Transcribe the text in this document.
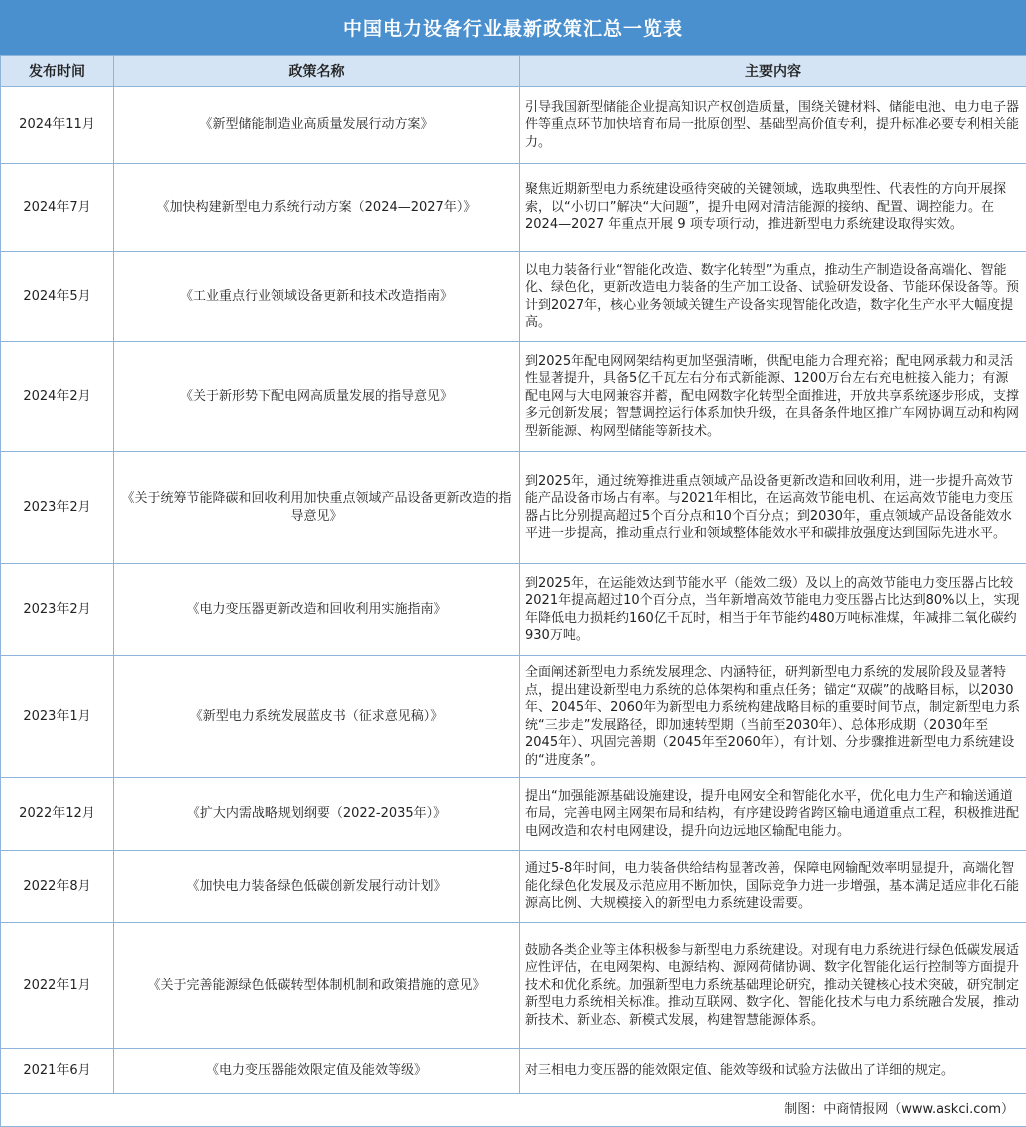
中国电力设备行业最新政策汇总一览表
发布时间	政策名称	主要内容
2024年11月	《新型储能制造业高质量发展行动方案》	引导我国新型储能企业提高知识产权创造质量，围绕关键材料、储能电池、电力电子器件等重点环节加快培育布局一批原创型、基础型高价值专利，提升标准必要专利相关能力。
2024年7月	《加快构建新型电力系统行动方案（2024—2027年）》	聚焦近期新型电力系统建设亟待突破的关键领域，选取典型性、代表性的方向开展探索，以“小切口”解决“大问题”，提升电网对清洁能源的接纳、配置、调控能力。在2024—2027 年重点开展 9 项专项行动，推进新型电力系统建设取得实效。
2024年5月	《工业重点行业领域设备更新和技术改造指南》	以电力装备行业“智能化改造、数字化转型”为重点，推动生产制造设备高端化、智能化、绿色化，更新改造电力装备的生产加工设备、试验研发设备、节能环保设备等。预计到2027年，核心业务领域关键生产设备实现智能化改造，数字化生产水平大幅度提高。
2024年2月	《关于新形势下配电网高质量发展的指导意见》	到2025年配电网网架结构更加坚强清晰，供配电能力合理充裕；配电网承载力和灵活性显著提升，具备5亿千瓦左右分布式新能源、1200万台左右充电桩接入能力；有源配电网与大电网兼容并蓄，配电网数字化转型全面推进，开放共享系统逐步形成，支撑多元创新发展；智慧调控运行体系加快升级，在具备条件地区推广车网协调互动和构网型新能源、构网型储能等新技术。
2023年2月	《关于统筹节能降碳和回收利用加快重点领域产品设备更新改造的指导意见》	到2025年，通过统筹推进重点领域产品设备更新改造和回收利用，进一步提升高效节能产品设备市场占有率。与2021年相比，在运高效节能电机、在运高效节能电力变压器占比分别提高超过5个百分点和10个百分点；到2030年，重点领域产品设备能效水平进一步提高，推动重点行业和领域整体能效水平和碳排放强度达到国际先进水平。
2023年2月	《电力变压器更新改造和回收利用实施指南》	到2025年，在运能效达到节能水平（能效二级）及以上的高效节能电力变压器占比较2021年提高超过10个百分点，当年新增高效节能电力变压器占比达到80%以上，实现年降低电力损耗约160亿千瓦时，相当于年节能约480万吨标准煤，年减排二氧化碳约930万吨。
2023年1月	《新型电力系统发展蓝皮书（征求意见稿）》	全面阐述新型电力系统发展理念、内涵特征，研判新型电力系统的发展阶段及显著特点，提出建设新型电力系统的总体架构和重点任务；锚定“双碳”的战略目标，以2030年、2045年、2060年为新型电力系统构建战略目标的重要时间节点，制定新型电力系统“三步走”发展路径，即加速转型期（当前至2030年）、总体形成期（2030年至2045年）、巩固完善期（2045年至2060年），有计划、分步骤推进新型电力系统建设的“进度条”。
2022年12月	《扩大内需战略规划纲要（2022-2035年）》	提出“加强能源基础设施建设，提升电网安全和智能化水平，优化电力生产和输送通道布局，完善电网主网架布局和结构，有序建设跨省跨区输电通道重点工程，积极推进配电网改造和农村电网建设，提升向边远地区输配电能力。
2022年8月	《加快电力装备绿色低碳创新发展行动计划》	通过5-8年时间，电力装备供给结构显著改善，保障电网输配效率明显提升，高端化智能化绿色化发展及示范应用不断加快，国际竞争力进一步增强，基本满足适应非化石能源高比例、大规模接入的新型电力系统建设需要。
2022年1月	《关于完善能源绿色低碳转型体制机制和政策措施的意见》	鼓励各类企业等主体积极参与新型电力系统建设。对现有电力系统进行绿色低碳发展适应性评估，在电网架构、电源结构、源网荷储协调、数字化智能化运行控制等方面提升技术和优化系统。加强新型电力系统基础理论研究，推动关键核心技术突破，研究制定新型电力系统相关标准。推动互联网、数字化、智能化技术与电力系统融合发展，推动新技术、新业态、新模式发展，构建智慧能源体系。
2021年6月	《电力变压器能效限定值及能效等级》	对三相电力变压器的能效限定值、能效等级和试验方法做出了详细的规定。
制图：中商情报网（www.askci.com）		
